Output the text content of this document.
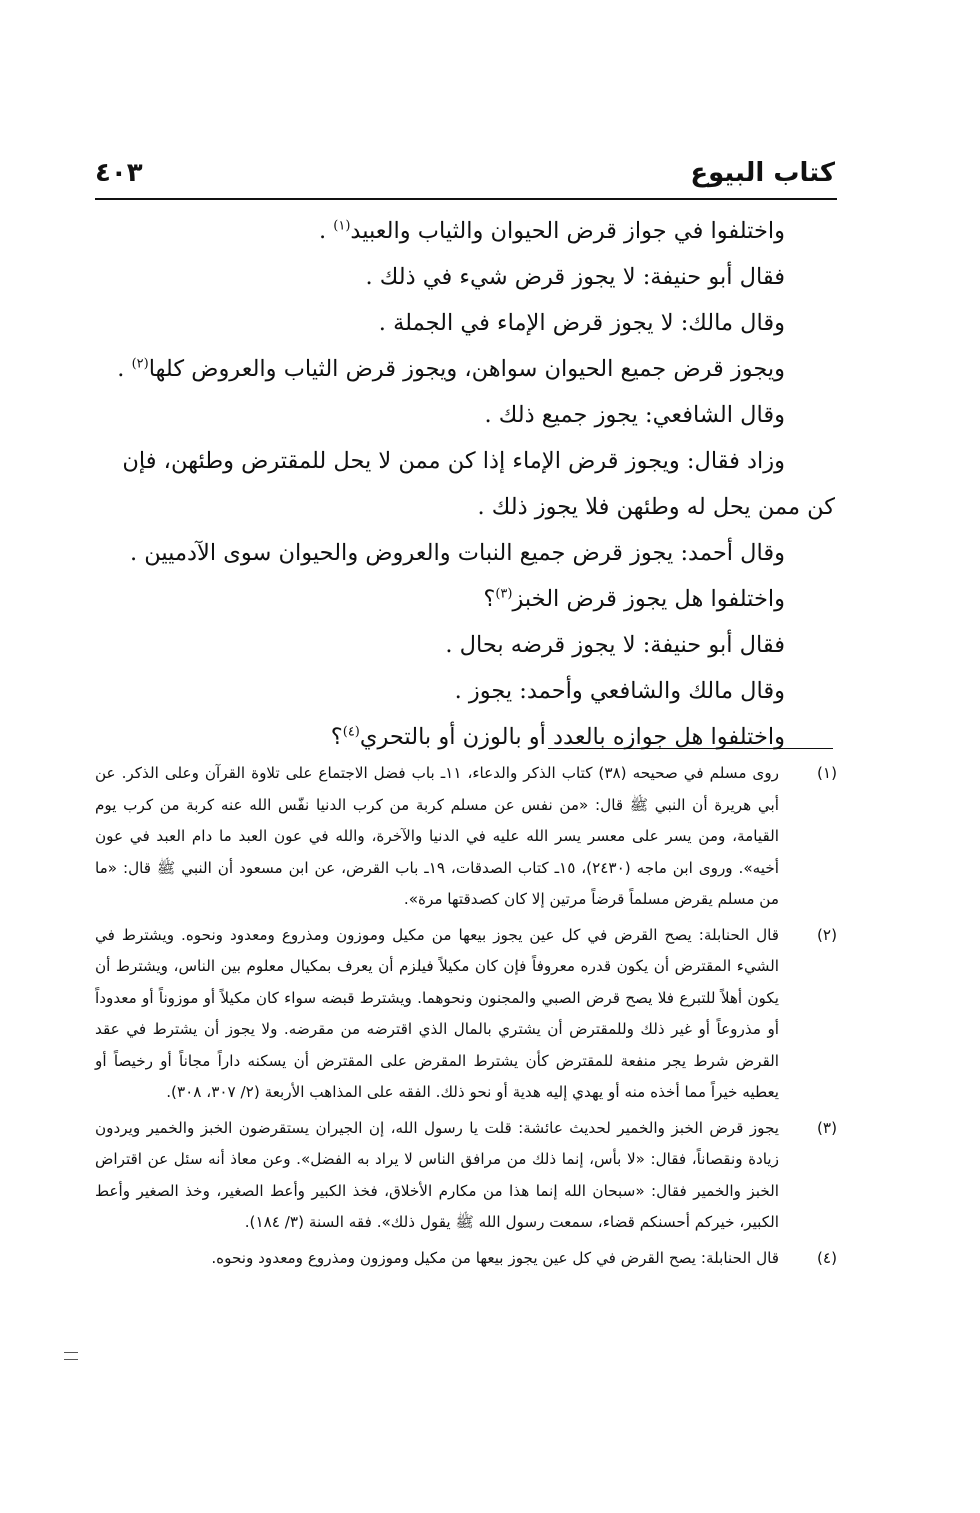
كتاب البيوع
٤٠٣

واختلفوا في جواز قرض الحيوان والثياب والعبيد$^{(١)}$ .

فقال أبو حنيفة: لا يجوز قرض شيء في ذلك .

وقال مالك: لا يجوز قرض الإماء في الجملة .

ويجوز قرض جميع الحيوان سواهن، ويجوز قرض الثياب والعروض كلها$^{(٢)}$ .

وقال الشافعي: يجوز جميع ذلك .

وزاد فقال: ويجوز قرض الإماء إذا كن ممن لا يحل للمقترض وطئهن، فإن
كن ممن يحل له وطئهن فلا يجوز ذلك .

وقال أحمد: يجوز قرض جميع النبات والعروض والحيوان سوى الآدميين .

واختلفوا هل يجوز قرض الخبز$^{(٣)}$؟

فقال أبو حنيفة: لا يجوز قرضه بحال .

وقال مالك والشافعي وأحمد: يجوز .

واختلفوا هل جوازه بالعدد أو بالوزن أو بالتحري$^{(٤)}$؟

(١)
روى مسلم في صحيحه (٣٨) كتاب الذكر والدعاء، ١١ـ باب فضل الاجتماع على تلاوة القرآن وعلى الذكر. عن أبي هريرة أن النبي ﷺ قال: «من نفس عن مسلم كربة من كرب الدنيا نفّس الله عنه كربة من كرب يوم القيامة، ومن يسر على معسر يسر الله عليه في الدنيا والآخرة، والله في عون العبد ما دام العبد في عون أخيه». وروى ابن ماجه (٢٤٣٠)، ١٥ـ كتاب الصدقات، ١٩ـ باب القرض، عن ابن مسعود أن النبي ﷺ قال: «ما من مسلم يقرض مسلماً قرضاً مرتين إلا كان كصدقتها مرة».

(٢)
قال الحنابلة: يصح القرض في كل عين يجوز بيعها من مكيل وموزون ومذروع ومعدود ونحوه. ويشترط في الشيء المقترض أن يكون قدره معروفاً فإن كان مكيلاً فيلزم أن يعرف بمكيال معلوم بين الناس، ويشترط أن يكون أهلاً للتبرع فلا يصح قرض الصبي والمجنون ونحوهما. ويشترط قبضه سواء كان مكيلاً أو موزوناً أو معدوداً أو مذروعاً أو غير ذلك وللمقترض أن يشتري بالمال الذي اقترضه من مقرضه. ولا يجوز أن يشترط في عقد القرض شرط يجر منفعة للمقترض كأن يشترط المقرض على المقترض أن يسكنه داراً مجاناً أو رخيصاً أو يعطيه خيراً مما أخذه منه أو يهدي إليه هدية أو نحو ذلك. الفقه على المذاهب الأربعة (٢/ ٣٠٧، ٣٠٨).

(٣)
يجوز قرض الخبز والخمير لحديث عائشة: قلت يا رسول الله، إن الجيران يستقرضون الخبز والخمير ويردون زيادة ونقصاناً، فقال: «لا بأس، إنما ذلك من مرافق الناس لا يراد به الفضل». وعن معاذ أنه سئل عن اقتراض الخبز والخمير فقال: «سبحان الله إنما هذا من مكارم الأخلاق، فخذ الكبير وأعط الصغير، وخذ الصغير وأعط الكبير، خيركم أحسنكم قضاء، سمعت رسول الله ﷺ يقول ذلك». فقه السنة (٣/ ١٨٤).

(٤)
قال الحنابلة: يصح القرض في كل عين يجوز بيعها من مكيل وموزون ومذروع ومعدود ونحوه.
